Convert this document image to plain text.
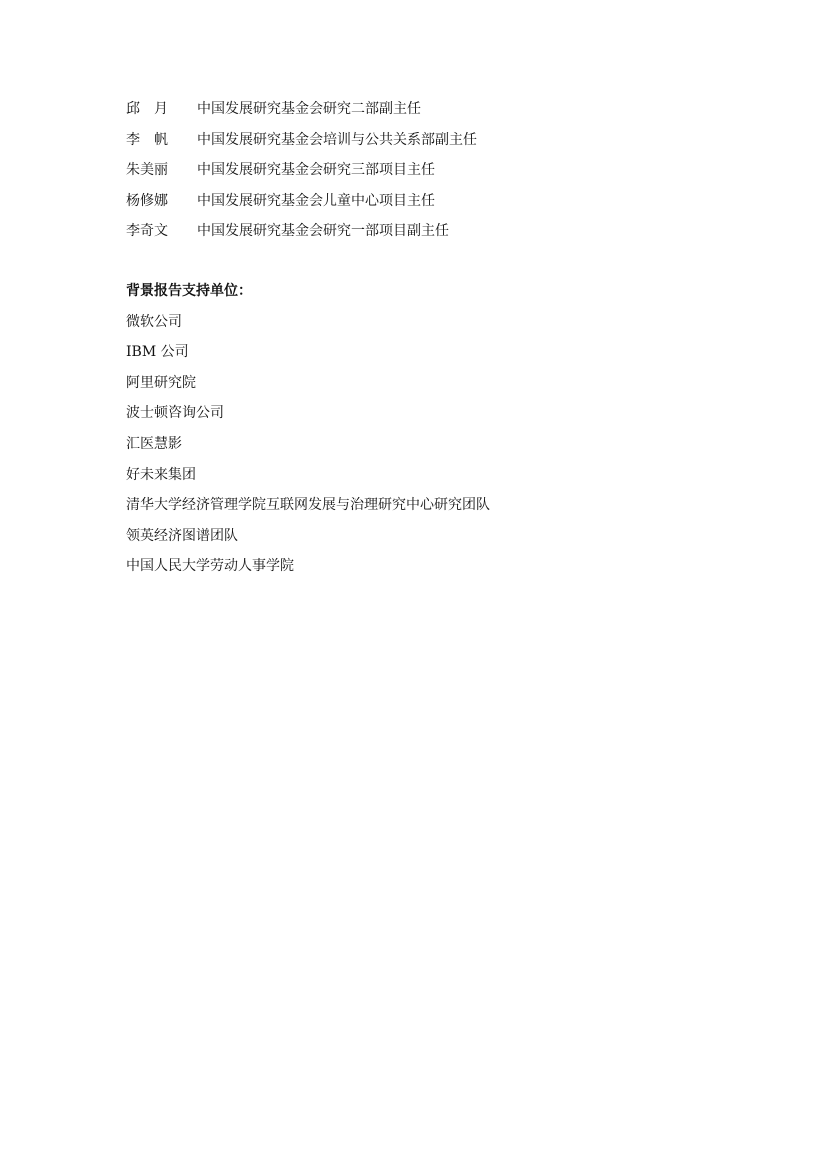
邱月	中国发展研究基金会研究二部副主任
李帆	中国发展研究基金会培训与公共关系部副主任
朱美丽	中国发展研究基金会研究三部项目主任
杨修娜	中国发展研究基金会儿童中心项目主任
李奇文	中国发展研究基金会研究一部项目副主任
背景报告支持单位：
微软公司
IBM 公司
阿里研究院
波士顿咨询公司
汇医慧影
好未来集团
清华大学经济管理学院互联网发展与治理研究中心研究团队
领英经济图谱团队
中国人民大学劳动人事学院
